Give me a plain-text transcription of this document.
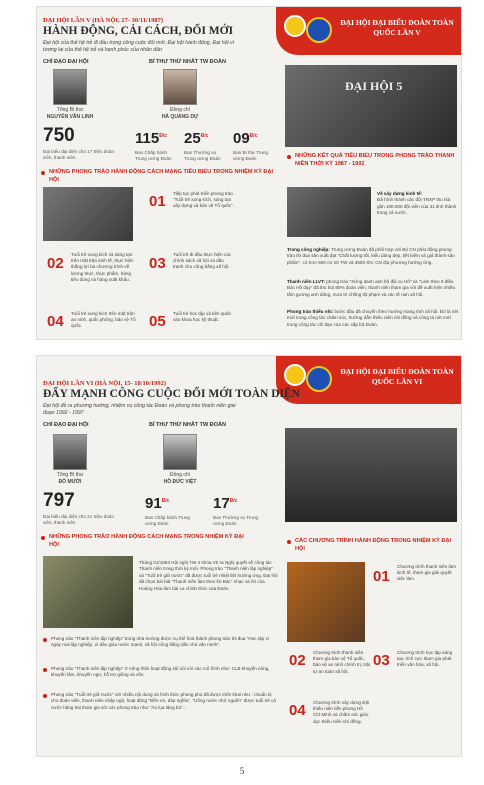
ĐẠI HỘI ĐẠI BIỂU ĐOÀN TOÀN QUỐC LẦN V
ĐẠI HỘI LẦN V (HÀ NỘI, 27- 30/11/1987)
HÀNH ĐỘNG, CẢI CÁCH, ĐỔI MỚI
Đại hội của thế hệ trẻ đi đầu trong công cuộc đổi mới, Đại hội hành động, Đại hội vì tương lai của thế hệ trẻ và hạnh phúc của nhân dân
CHỈ ĐẠO ĐẠI HỘI	BÍ THƯ THỨ NHẤT TW ĐOÀN
Tổng Bí thư
NGUYỄN VĂN LINH
Đồng chí
HÀ QUANG DỰ
ĐẠI HỘI 5
750
Đại biểu đại diện cho 17 triệu đoàn viên, thanh niên
$115^{Đ/c}$
Ban Chấp hành Trung ương Đoàn
$25^{Đ/c}$
Ban Thường vụ Trung ương Đoàn
$09^{Đ/c}$
Ban Bí thư Trung ương Đoàn
NHỮNG PHONG TRÀO HÀNH ĐỘNG CÁCH MẠNG TIÊU BIỂU TRONG NHIỆM KỲ ĐẠI HỘI
NHỮNG KẾT QUẢ TIÊU BIỂU TRONG PHONG TRÀO THANH NIÊN THỜI KỲ 1987 - 1992
01 Tiếp tục phát triển phong trào "Tuổi trẻ xung kích, sáng tạo xây dựng và bảo vệ Tổ quốc".
02
Tuổi trẻ xung kích và sáng tạo trên mặt trận kinh tế, thực hiện thắng lợi ba chương trình về lương thực, thực phẩm, hàng tiêu dùng và hàng xuất khẩu.
03
Tuổi trẻ đi đầu thực hiện các chính sách xã hội và đấu tranh cho công bằng xã hội.
04 Tuổi trẻ xung kích trên mặt trận an ninh, quốc phòng, bảo vệ Tổ quốc.	05 Tuổi trẻ học tập và tiến quân vào khoa học kỹ thuật.
Về xây dựng kinh tế:
Đã hình thành các đội TNXP thu hút gần 100.000 đội viên của 31 tỉnh thành trong cả nước.
Trong công nghiệp: Trung ương Đoàn đã phối hợp với Bộ CN phát động phong trào thi đua sản xuất đạt "Chất lượng tốt, kiểu dáng đẹp, tiết kiệm và giá thành sản phẩm", có hơn 500 cơ sở TW và 3500 XN, CN địa phương hưởng ứng.
Thanh niên LLVT: phong trào "Xứng danh anh bộ đội cụ Hồ" và "Làm theo 6 điều Bác Hồ dạy" đã thu hút 80% đoàn viên, thanh niên tham gia với đề xuất hiện nhiều tấm gương anh dũng, mưu trí chống tội phạm và các tệ nạn xã hội.
Phong trào thiếu nhi: bước đầu đã chuyển theo hướng mang tính xã hội. Đó là nét mới trong công tác chăm sóc, hướng dẫn thiếu niên nhi đồng và công tá nét mới trong công tác chỉ đạo của các cấp bộ Đoàn.
ĐẠI HỘI ĐẠI BIỂU ĐOÀN TOÀN QUỐC LẦN VI
ĐẠI HỘI LẦN VI (HÀ NỘI, 15- 18/10/1992)
ĐẨY MẠNH CÔNG CUỘC ĐỔI MỚI TOÀN DIỆN
Đại hội đề ra phương hướng, nhiệm vụ công tác Đoàn và phong trào thanh niên giai đoạn 1992 - 1997
CHỈ ĐẠO ĐẠI HỘI	BÍ THƯ THỨ NHẤT TW ĐOÀN
Tổng Bí thư
ĐỖ MƯỜI
Đồng chí
HỒ ĐỨC VIỆT
797
Đại biểu đại diện cho 21 triệu đoàn viên, thanh niên
$91^{Đ/c}$
Ban Chấp hành Trung ương Đoàn
$17^{Đ/c}$
Ban Thường vụ Trung ương Đoàn
NHỮNG PHONG TRÀO HÀNH ĐỘNG CÁCH MẠNG TRONG NHIỆM KỲ ĐẠI HỘI
CÁC CHƯƠNG TRÌNH HÀNH ĐỘNG TRONG NHIỆM KỲ ĐẠI HỘI
Tháng 01/1993 Hội nghị TW 4 khóa VII ra Nghị quyết về công tác Thanh niên trong thời kỳ mới. Phong trào "Thanh niên lập nghiệp" và "Tuổi trẻ giữ nước" đã được tuổi trẻ nhiệt liệt hưởng ứng. Đại hội đã chọn bài hát "Thanh niên làm theo lời Bác" nhạc và lời của Hoàng Hòa làm bài ca chính thức của Đoàn.
Phong trào "Thanh niên lập nghiệp" trong nhà trường được cụ thể hoá thành phong trào thi đua "Học tập vì ngày mai lập nghiệp, vì dân giàu nước mạnh, xã hội công bằng dân chủ văn minh".
Phong trào "Thanh niên lập nghiệp" ở nông thôn hoạt động sôi nổi với các mô hình như: CLB khuyến nông, khuyến lâm, khuyến ngư, hỗ trợ giống và vốn.
Phong trào "Tuổi trẻ giữ nước" với nhiều nội dung và hình thức phong phú đã được triển khai như : chuẩn bị cho đoàn viên, thanh niên nhập ngũ, hoạt động "Đền ơn, đáp nghĩa", "Uống nước nhớ nguồn" được tuổi trẻ cả nước hăng hái tham gia với các phong trào như "Áo lụa tặng bà"...
01
Chương trình thanh niên làm kinh tế, tham gia giải quyết việc làm.
02 Chương trình thanh niên tham gia bảo vệ Tổ quốc, bảo vệ an ninh chính trị, trật tự an toàn xã hội.
03 Chương trình học tập sáng tạo, tích cực tham gia phát triển văn hóa, xã hội.
04 Chương trình xây dựng Đội thiếu niên tiền phong Hồ Chí Minh và chăm sóc giáo dục thiếu niên nhi đồng.
5
